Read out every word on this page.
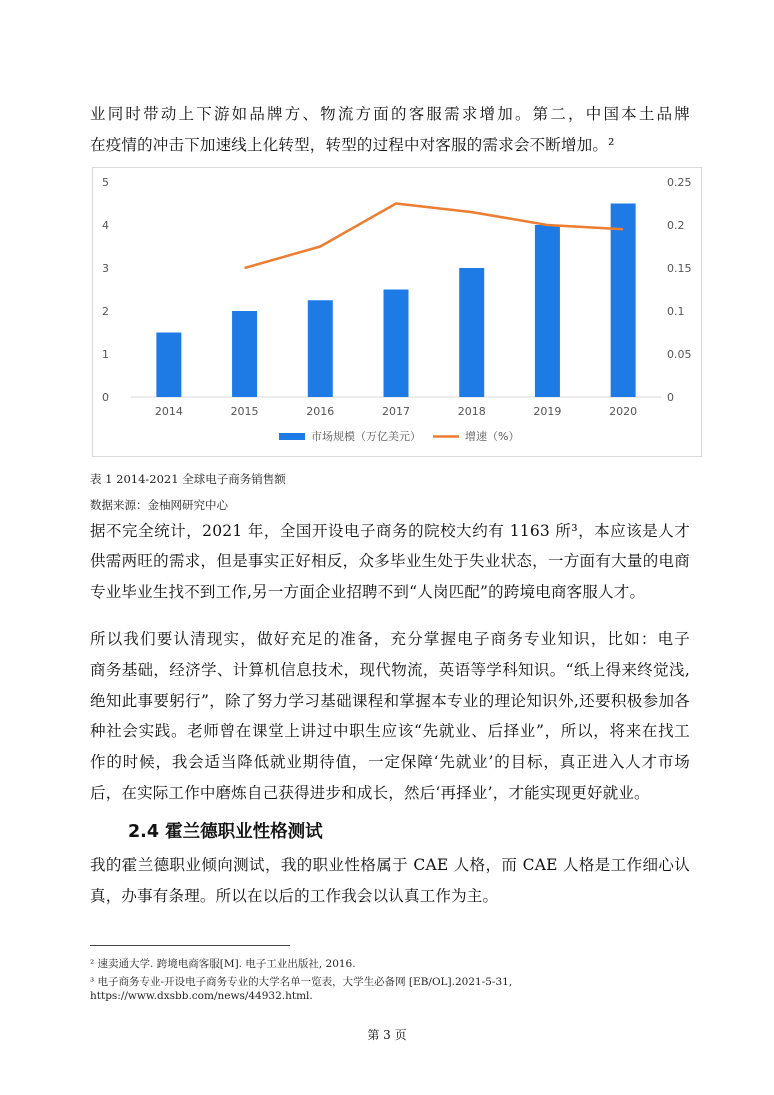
业同时带动上下游如品牌方、物流方面的客服需求增加。第二，中国本土品牌
在疫情的冲击下加速线上化转型，转型的过程中对客服的需求会不断增加。²
0
1
2
3
4
5
0
0.05
0.1
0.15
0.2
0.25
2014	2015	2016	2017	2018	2019	2020
市场规模（万亿美元）	增速（%）
表 1 2014-2021 全球电子商务销售额
数据来源：金柚网研究中心
据不完全统计，2021 年，全国开设电子商务的院校大约有 1163 所³，本应该是人才
供需两旺的需求，但是事实正好相反，众多毕业生处于失业状态，一方面有大量的电商
专业毕业生找不到工作,另一方面企业招聘不到“人岗匹配”的跨境电商客服人才。
所以我们要认清现实，做好充足的准备，充分掌握电子商务专业知识，比如：电子
商务基础，经济学、计算机信息技术，现代物流，英语等学科知识。“纸上得来终觉浅,
绝知此事要躬行”，除了努力学习基础课程和掌握本专业的理论知识外,还要积极参加各
种社会实践。老师曾在课堂上讲过中职生应该“先就业、后择业”，所以，将来在找工
作的时候，我会适当降低就业期待值，一定保障‘先就业’的目标，真正进入人才市场
后，在实际工作中磨炼自己获得进步和成长，然后‘再择业’，才能实现更好就业。
2.4 霍兰德职业性格测试
我的霍兰德职业倾向测试，我的职业性格属于 CAE 人格，而 CAE 人格是工作细心认
真，办事有条理。所以在以后的工作我会以认真工作为主。
² 速卖通大学. 跨境电商客服[M]. 电子工业出版社, 2016.
³ 电子商务专业-开设电子商务专业的大学名单一览表，大学生必备网 [EB/OL].2021-5-31,
https://www.dxsbb.com/news/44932.html.
第 3 页
